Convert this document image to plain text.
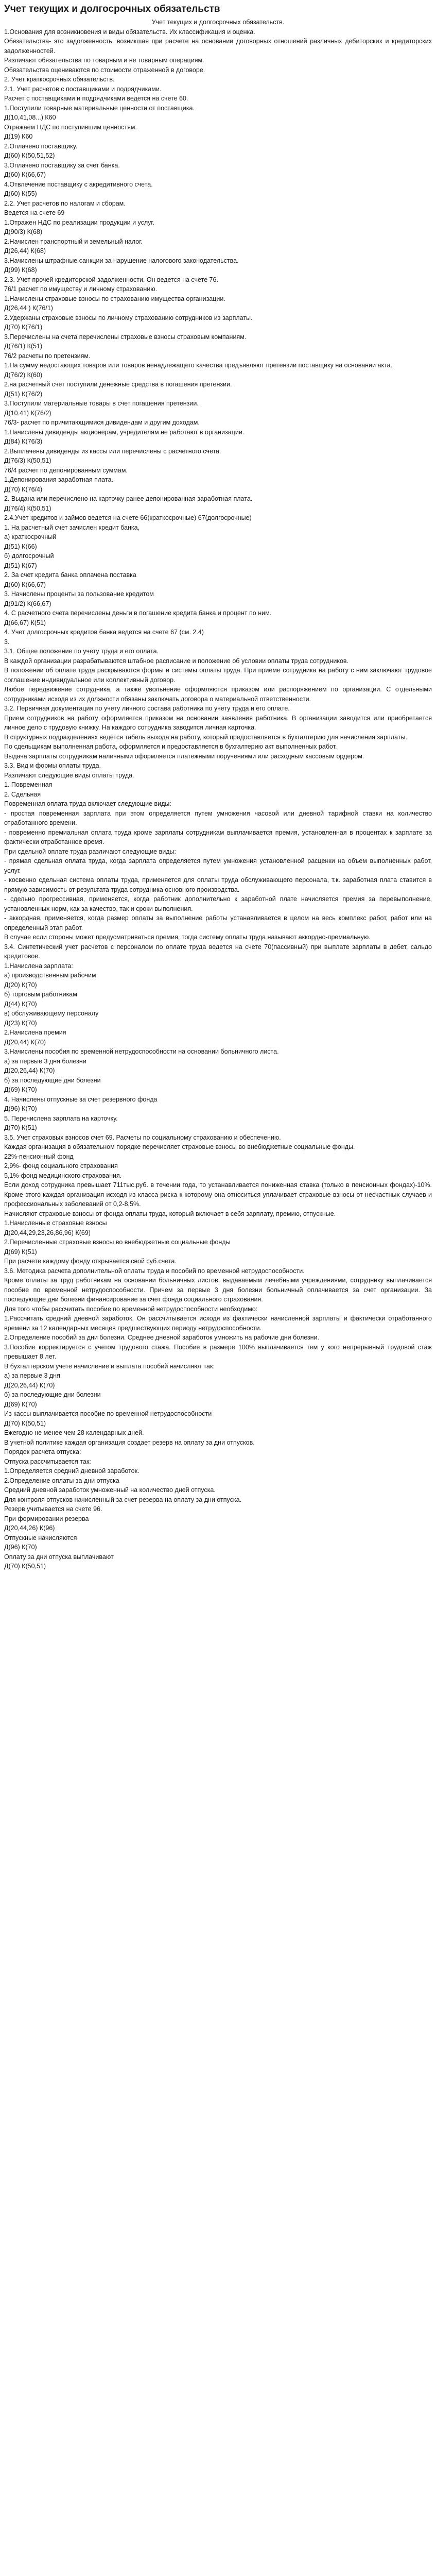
Учет текущих и долгосрочных обязательств

Учет текущих и долгосрочных обязательств.

1.Основания для возникновения и виды обязательств. Их классификация и оценка.

Обязательства- это задолженность, возникшая при расчете на основании договорных отношений различных дебиторских и кредиторских задолженностей.

Различают обязательства по товарным и не товарным операциям.

Обязательства оцениваются по стоимости отраженной в договоре.

2. Учет краткосрочных обязательств.

2.1. Учет расчетов с поставщиками и подрядчиками.

Расчет с поставщиками и подрядчиками ведется на счете 60.

1.Поступили товарные материальные ценности от поставщика.

Д(10,41,08...) К60

Отражаем НДС по поступившим ценностям.

Д(19) К60

2.Оплачено поставщику.

Д(60) К(50,51,52)

3.Оплачено поставщику за счет банка.

Д(60) К(66,67)

4.Отвлечение поставщику с акредитивного счета.

Д(60) К(55)

2.2. Учет расчетов по налогам и сборам.

Ведется на счете 69

1.Отражен НДС по реализации продукции и услуг.

Д(90/3) К(68)

2.Начислен транспортный и земельный налог.

Д(26,44) К(68)

3.Начислены штрафные санкции за нарушение налогового законодательства.

Д(99) К(68)

2.3. Учет прочей кредиторской задолженности. Он ведется на счете 76.

76/1 расчет по имуществу и личному страхованию.

1.Начислены страховые взносы по страхованию имущества организации.

Д(26,44 ) К(76/1)

2.Удержаны страховые взносы по личному страхованию сотрудников из зарплаты.

Д(70) К(76/1)

3.Перечислены на счета перечислены страховые взносы страховым компаниям.

Д(76/1) К(51)

76/2 расчеты по претензиям.

1.На сумму недостающих товаров или товаров ненадлежащего качества предъявляют претензии поставщику на основании акта.

Д(76/2) К(60)

2.на расчетный счет поступили денежные средства в погашения претензии.

Д(51) К(76/2)

3.Поступили материальные товары в счет погашения претензии.

Д(10.41) К(76/2)

76/3- расчет по причитающимися дивидендам и другим доходам.

1.Начислены дивиденды акционерам, учредителям не работают в организации.

Д(84) К(76/3)

2.Выплачены дивиденды из кассы или перечислены с расчетного счета.

Д(76/3) К(50,51)

76/4 расчет по депонированным суммам.

1.Депонирования заработная плата.

Д(70) К(76/4)

2. Выдана или перечислено на карточку ранее депонированная заработная плата.

Д(76/4) К(50,51)

2.4.Учет кредитов и займов ведется на счете 66(краткосрочные) 67(долгосрочные)

1. На расчетный счет зачислен кредит банка,

а) краткосрочный

Д(51) К(66)

б) долгосрочный

Д(51) К(67)

2. За счет кредита банка оплачена поставка

Д(60) К(66,67)

3. Начислены проценты за пользование кредитом

Д(91/2) К(66,67)

4. С расчетного счета перечислены деньги в погашение кредита банка и процент по ним.

Д(66,67) К(51)

4. Учет долгосрочных кредитов банка ведется на счете 67 (см. 2.4)

3.

3.1. Общее положение по учету труда и его оплата.

В каждой организации разрабатываются штабное расписание и положение об условии оплаты труда сотрудников.

В положении об оплате труда раскрываются формы и системы оплаты труда. При приеме сотрудника на работу с ним заключают трудовое соглашение индивидуальное или коллективный договор.

Любое передвижение сотрудника, а также увольнение оформляются приказом или распоряжением по организации. С отдельными сотрудниками исходя из их должности обязаны заключать договора о материальной ответственности.

3.2. Первичная документация по учету личного состава работника по учету труда и его оплате.

Прием сотрудников на работу оформляется приказом на основании заявления работника. В организации заводится или приобретается личное дело с трудовую книжку. На каждого сотрудника заводится личная карточка.

В структурных подразделениях ведется табель выхода на работу, который предоставляется в бухгалтерию для начисления зарплаты.

По сдельщикам выполненная работа, оформляется и предоставляется в бухгалтерию акт выполненных работ.

Выдача зарплаты сотрудникам наличными оформляется платежными поручениями или расходным кассовым ордером.

3.3. Вид и формы оплаты труда.

Различают следующие виды оплаты труда.

1. Повременная

2. Сдельная

Повременная оплата труда включает следующие виды:

- простая повременная зарплата при этом определяется путем умножения часовой или дневной тарифной ставки на количество отработанного времени.

- повременно премиальная оплата труда кроме зарплаты сотрудникам выплачивается премия, установленная в процентах к зарплате за фактически отработанное время.

При сдельной оплате труда различают следующие виды:

- прямая сдельная оплата труда, когда зарплата определяется путем умножения установленной расценки на объем выполненных работ, услуг.

- косвенно сдельная система оплаты труда, применяется для оплаты труда обслуживающего персонала, т.к. заработная плата ставится в прямую зависимость от результата труда сотрудника основного производства.

- сдельно прогрессивная, применяется, когда работник дополнительно к заработной плате начисляется премия за перевыполнение, установленных норм, как за качество, так и сроки выполнения.

- аккордная, применяется, когда размер оплаты за выполнение работы устанавливается в целом на весь комплекс работ, работ или на определенный этап работ.

В случае если стороны может предусматриваться премия, тогда систему оплаты труда называют аккордно-премиальную.

3.4. Синтетический учет расчетов с персоналом по оплате труда ведется на счете 70(пассивный) при выплате зарплаты в дебет, сальдо кредитовое.

1.Начислена зарплата:

а) производственным рабочим

Д(20) К(70)

б) торговым работникам

Д(44) К(70)

в) обслуживающему персоналу

Д(23) К(70)

2.Начислена премия

Д(20,44) К(70)

3.Начислены пособия по временной нетрудоспособности на основании больничного листа.

а) за первые 3 дня болезни

Д(20,26,44) К(70)

б) за последующие дни болезни

Д(69) К(70)

4. Начислены отпускные за счет резервного фонда

Д(96) К(70)

5. Перечислена зарплата на карточку.

Д(70) К(51)

3.5. Учет страховых взносов счет 69. Расчеты по социальному страхованию и обеспечению.

Каждая организация в обязательном порядке перечисляет страховые взносы во внебюджетные социальные фонды.

22%-пенсионный фонд

2,9%- фонд социального страхования

5,1%-фонд медицинского страхования.

Если доход сотрудника превышает 711тыс.руб. в течении года, то устанавливается пониженная ставка (только в пенсионных фондах)-10%. Кроме этого каждая организация исходя из класса риска к которому она относиться уплачивает страховые взносы от несчастных случаев и профессиональных заболеваний от 0,2-8,5%.

Начисляют страховые взносы от фонда оплаты труда, который включает в себя зарплату, премию, отпускные.

1.Начисленные страховые взносы

Д(20,44,29,23,26,86,96) К(69)

2.Перечисленные страховые взносы во внебюджетные социальные фонды

Д(69) К(51)

При расчете каждому фонду открывается свой суб.счета.

3.6. Методика расчета дополнительной оплаты труда и пособий по временной нетрудоспособности.

Кроме оплаты за труд работникам на основании больничных листов, выдаваемым лечебными учреждениями, сотруднику выплачивается пособие по временной нетрудоспособности. Причем за первые 3 дня болезни больничный оплачивается за счет организации. За последующие дни болезни финансирование за счет фонда социального страхования.

Для того чтобы рассчитать пособие по временной нетрудоспособности необходимо:

1.Рассчитать средний дневной заработок. Он рассчитывается исходя из фактически начисленной зарплаты и фактически отработанного времени за 12 календарных месяцев предшествующих периоду нетрудоспособности.

2.Определение пособий за дни болезни. Среднее дневной заработок умножить на рабочие дни болезни.

3.Пособие корректируется с учетом трудового стажа. Пособие в размере 100% выплачивается тем у кого непрерывный трудовой стаж превышает 8 лет.

В бухгалтерском учете начисление и выплата пособий начисляют так:

а) за первые 3 дня

Д(20,26,44) К(70)

б) за последующие дни болезни

Д(69) К(70)

Из кассы выплачивается пособие по временной нетрудоспособности

Д(70) К(50,51)

Ежегодно не менее чем 28 календарных дней.

В учетной политике каждая организация создает резерв на оплату за дни отпусков.

Порядок расчета отпуска:

Отпуска рассчитывается так:

1.Определяется средний дневной заработок.

2.Определение оплаты за дни отпуска

Средний дневной заработок умноженный на количество дней отпуска.

Для контроля отпусков начисленный за счет резерва на оплату за дни отпуска.

Резерв учитывается на счете 96.

При формировании резерва

Д(20,44,26) К(96)

Отпускные начисляются

Д(96) К(70)

Оплату за дни отпуска выплачивают

Д(70) К(50,51)
